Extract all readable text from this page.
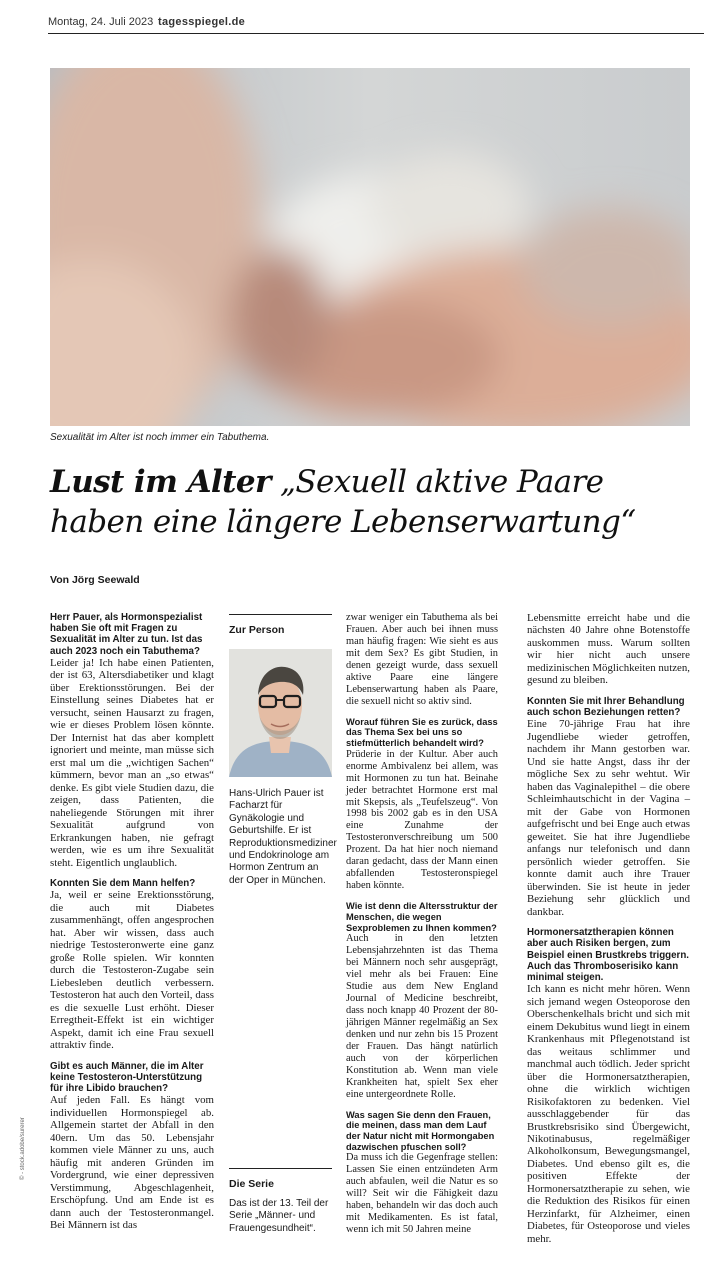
Montag, 24. Juli 2023 tagesspiegel.de
Sexualität im Alter ist noch immer ein Tabuthema.
© - stock.adobe/surerer
Lust im Alter „Sexuell aktive Paare
haben eine längere Lebenserwartung“
Von Jörg Seewald

Herr Pauer, als Hormonspezialist haben Sie oft mit Fragen zu Sexualität im Alter zu tun. Ist das auch 2023 noch ein Tabuthema?

Leider ja! Ich habe einen Patienten, der ist 63, Altersdiabetiker und klagt über Erektionsstörungen. Bei der Einstellung seines Diabetes hat er versucht, seinen Hausarzt zu fragen, wie er dieses Problem lösen könnte. Der Internist hat das aber komplett ignoriert und meinte, man müsse sich erst mal um die „wichtigen Sachen“ kümmern, bevor man an „so etwas“ denke. Es gibt viele Studien dazu, die zeigen, dass Patienten, die naheliegende Störungen mit ihrer Sexualität aufgrund von Erkrankungen haben, nie gefragt werden, wie es um ihre Sexualität steht. Eigentlich unglaublich.

Konnten Sie dem Mann helfen?

Ja, weil er seine Erektionsstörung, die auch mit Diabetes zusammenhängt, offen angesprochen hat. Aber wir wissen, dass auch niedrige Testosteronwerte eine ganz große Rolle spielen. Wir konnten durch die Testosteron-Zugabe sein Liebesleben deutlich verbessern. Testosteron hat auch den Vorteil, dass es die sexuelle Lust erhöht. Dieser Erregtheit-Effekt ist ein wichtiger Aspekt, damit ich eine Frau sexuell attraktiv finde.

Gibt es auch Männer, die im Alter keine Testosteron-Unterstützung für ihre Libido brauchen?

Auf jeden Fall. Es hängt vom individuellen Hormonspiegel ab. Allgemein startet der Abfall in den 40ern. Um das 50. Lebensjahr kommen viele Männer zu uns, auch häufig mit anderen Gründen im Vordergrund, wie einer depressiven Verstimmung, Abgeschlagenheit, Erschöpfung. Und am Ende ist es dann auch der Testosteronmangel. Bei Männern ist das

Zur Person
Hans-Ulrich Pauer ist Facharzt für Gynäkologie und Geburtshilfe. Er ist Reproduktionsmediziner und Endokrinologe am Hormon Zentrum an der Oper in München.
Die Serie
Das ist der 13. Teil der Serie „Männer- und Frauengesundheit“.

zwar weniger ein Tabuthema als bei Frauen. Aber auch bei ihnen muss man häufig fragen: Wie sieht es aus mit dem Sex? Es gibt Studien, in denen gezeigt wurde, dass sexuell aktive Paare eine längere Lebenserwartung haben als Paare, die sexuell nicht so aktiv sind.

Worauf führen Sie es zurück, dass das Thema Sex bei uns so stiefmütterlich behandelt wird?

Prüderie in der Kultur. Aber auch enorme Ambivalenz bei allem, was mit Hormonen zu tun hat. Beinahe jeder betrachtet Hormone erst mal mit Skepsis, als „Teufelszeug“. Von 1998 bis 2002 gab es in den USA eine Zunahme der Testosteronverschreibung um 500 Prozent. Da hat hier noch niemand daran gedacht, dass der Mann einen abfallenden Testosteronspiegel haben könnte.

Wie ist denn die Altersstruktur der Menschen, die wegen Sexproblemen zu Ihnen kommen?

Auch in den letzten Lebensjahrzehnten ist das Thema bei Männern noch sehr ausgeprägt, viel mehr als bei Frauen: Eine Studie aus dem New England Journal of Medicine beschreibt, dass noch knapp 40 Prozent der 80-jährigen Männer regelmäßig an Sex denken und nur zehn bis 15 Prozent der Frauen. Das hängt natürlich auch von der körperlichen Konstitution ab. Wenn man viele Krankheiten hat, spielt Sex eher eine untergeordnete Rolle.

Was sagen Sie denn den Frauen, die meinen, dass man dem Lauf der Natur nicht mit Hormongaben dazwischen pfuschen soll?

Da muss ich die Gegenfrage stellen: Lassen Sie einen entzündeten Arm auch abfaulen, weil die Natur es so will? Seit wir die Fähigkeit dazu haben, behandeln wir das doch auch mit Medikamenten. Es ist fatal, wenn ich mit 50 Jahren meine

Lebensmitte erreicht habe und die nächsten 40 Jahre ohne Botenstoffe auskommen muss. Warum sollten wir hier nicht auch unsere medizinischen Möglichkeiten nutzen, gesund zu bleiben.

Konnten Sie mit Ihrer Behandlung auch schon Beziehungen retten?

Eine 70-jährige Frau hat ihre Jugendliebe wieder getroffen, nachdem ihr Mann gestorben war. Und sie hatte Angst, dass ihr der mögliche Sex zu sehr wehtut. Wir haben das Vaginalepithel – die obere Schleimhautschicht in der Vagina – mit der Gabe von Hormonen aufgefrischt und bei Enge auch etwas geweitet. Sie hat ihre Jugendliebe anfangs nur telefonisch und dann persönlich wieder getroffen. Sie konnte damit auch ihre Trauer überwinden. Sie ist heute in jeder Beziehung sehr glücklich und dankbar.

Hormonersatztherapien können aber auch Risiken bergen, zum Beispiel einen Brustkrebs triggern. Auch das Thromboserisiko kann minimal steigen.

Ich kann es nicht mehr hören. Wenn sich jemand wegen Osteoporose den Oberschenkelhals bricht und sich mit einem Dekubitus wund liegt in einem Krankenhaus mit Pflegenotstand ist das weitaus schlimmer und manchmal auch tödlich. Jeder spricht über die Hormonersatztherapien, ohne die wirklich wichtigen Risikofaktoren zu bedenken. Viel ausschlaggebender für das Brustkrebsrisiko sind Übergewicht, Nikotinabusus, regelmäßiger Alkoholkonsum, Bewegungsmangel, Diabetes. Und ebenso gilt es, die positiven Effekte der Hormonersatztherapie zu sehen, wie die Reduktion des Risikos für einen Herzinfarkt, für Alzheimer, einen Diabetes, für Osteoporose und vieles mehr.
